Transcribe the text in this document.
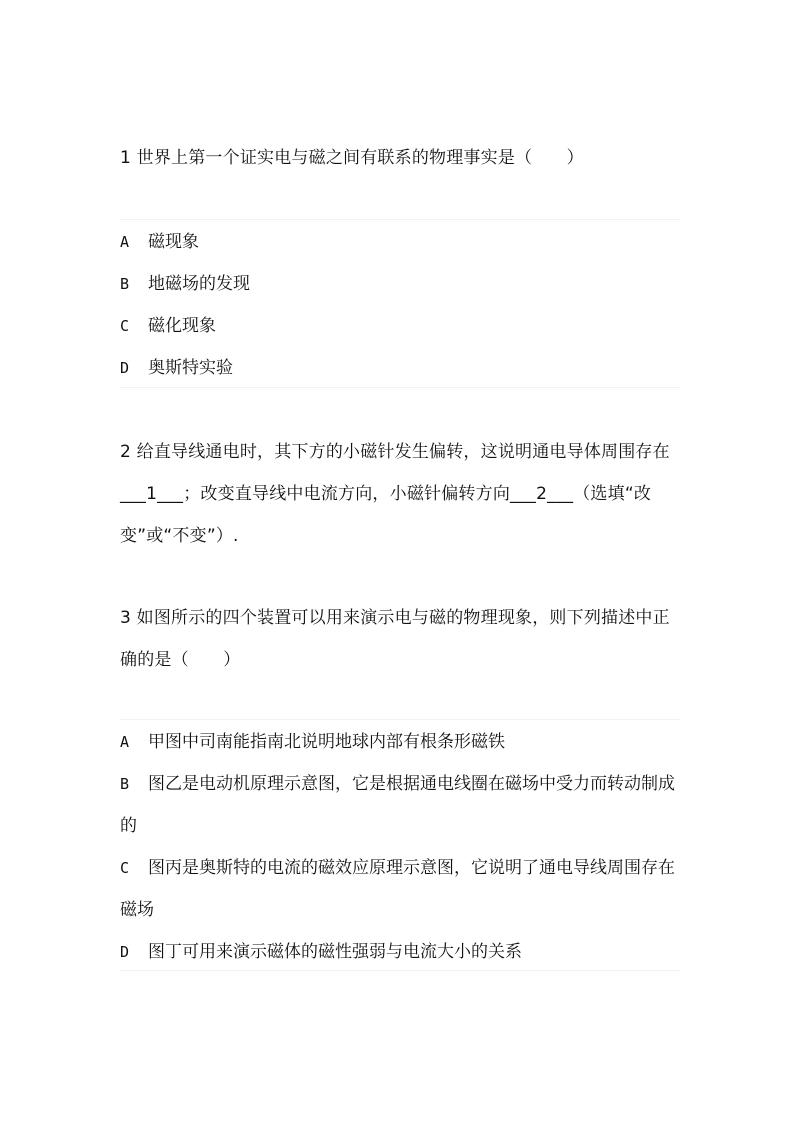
1 世界上第一个证实电与磁之间有联系的物理事实是（　　）
A	磁现象
B	地磁场的发现
C	磁化现象
D	奥斯特实验
2 给直导线通电时，其下方的小磁针发生偏转，这说明通电导体周围存在___1___；改变直导线中电流方向，小磁针偏转方向___2___（选填“改变”或“不变”）.
3 如图所示的四个装置可以用来演示电与磁的物理现象，则下列描述中正确的是（　　）
A 甲图中司南能指南北说明地球内部有根条形磁铁
B 图乙是电动机原理示意图，它是根据通电线圈在磁场中受力而转动制成的
C 图丙是奥斯特的电流的磁效应原理示意图，它说明了通电导线周围存在磁场
D 图丁可用来演示磁体的磁性强弱与电流大小的关系
